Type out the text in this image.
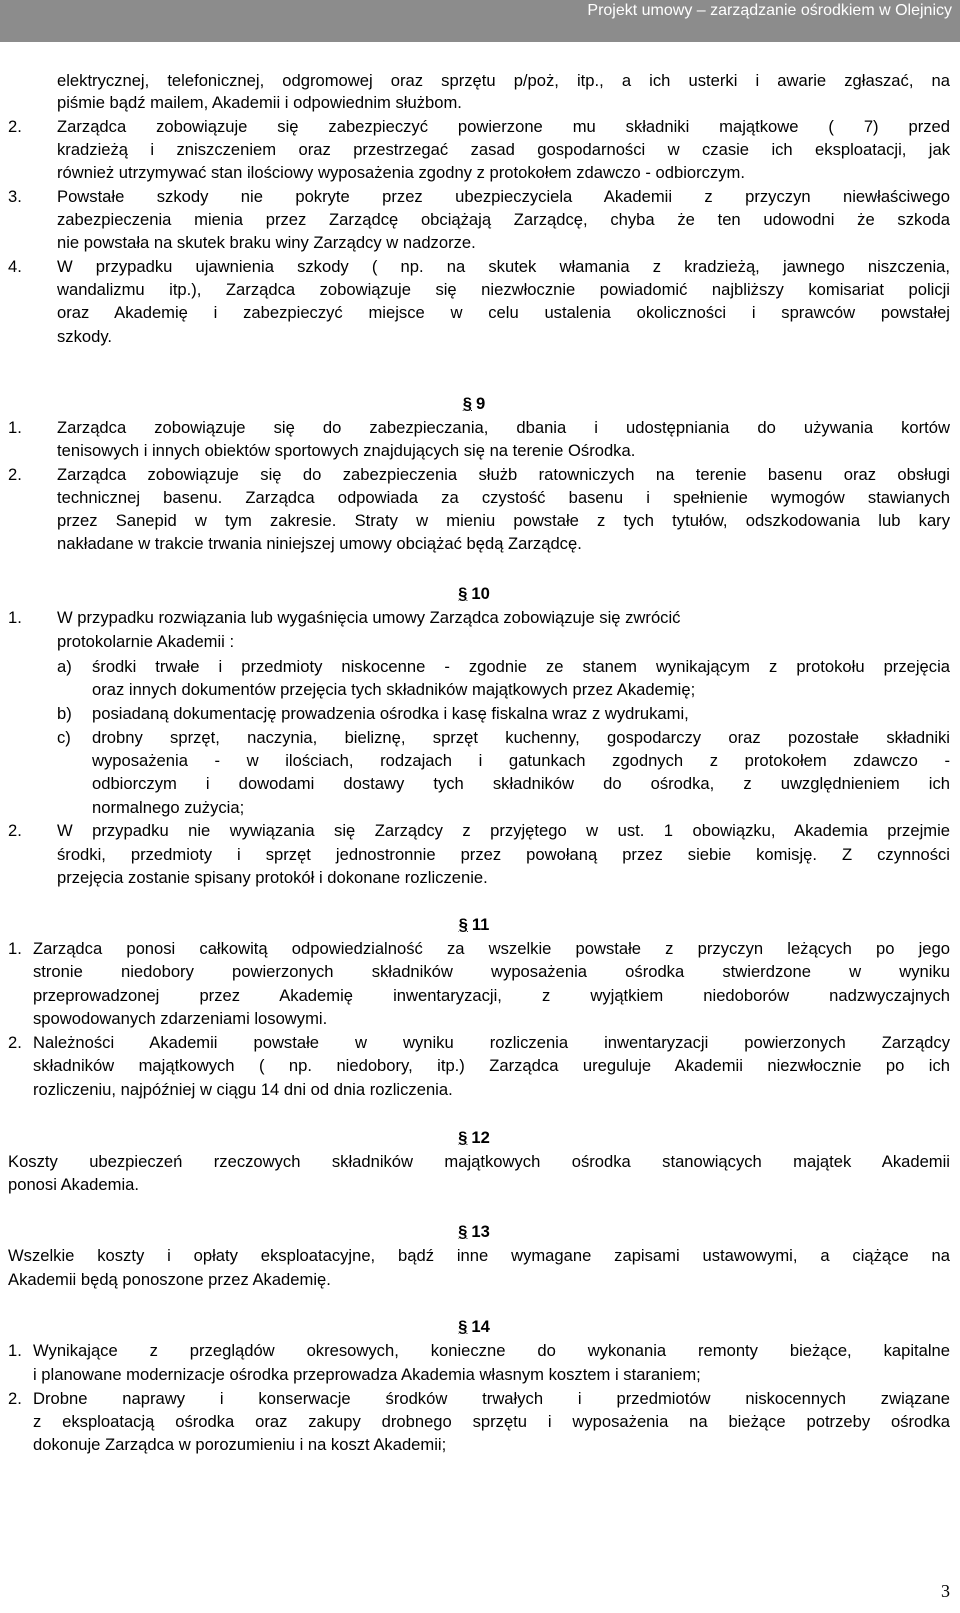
Projekt umowy – zarządzanie ośrodkiem w Olejnicy
elektrycznej, telefonicznej, odgromowej oraz sprzętu p/poż, itp., a ich usterki i awarie zgłaszać, na
piśmie bądź mailem, Akademii i odpowiednim służbom.
2. Zarządca zobowiązuje się zabezpieczyć powierzone mu składniki majątkowe ( 7) przed
kradzieżą i zniszczeniem oraz przestrzegać zasad gospodarności w czasie ich eksploatacji, jak
również utrzymywać stan ilościowy wyposażenia zgodny z protokołem zdawczo - odbiorczym.
3. Powstałe szkody nie pokryte przez ubezpieczyciela Akademii z przyczyn niewłaściwego
zabezpieczenia mienia przez Zarządcę obciążają Zarządcę, chyba że ten udowodni że szkoda
nie powstała na skutek braku winy Zarządcy w nadzorze.
4. W przypadku ujawnienia szkody ( np. na skutek włamania z kradzieżą, jawnego niszczenia,
wandalizmu itp.), Zarządca zobowiązuje się niezwłocznie powiadomić najbliższy komisariat policji
oraz Akademię i zabezpieczyć miejsce w celu ustalenia okoliczności i sprawców powstałej
szkody.
§ 9
1. Zarządca zobowiązuje się do zabezpieczania, dbania i udostępniania do używania kortów
tenisowych i innych obiektów sportowych znajdujących się na terenie Ośrodka.
2. Zarządca zobowiązuje się do zabezpieczenia służb ratowniczych na terenie basenu oraz obsługi
technicznej basenu. Zarządca odpowiada za czystość basenu i spełnienie wymogów stawianych
przez Sanepid w tym zakresie. Straty w mieniu powstałe z tych tytułów, odszkodowania lub kary
nakładane w trakcie trwania niniejszej umowy obciążać będą Zarządcę.
§ 10
1. W przypadku rozwiązania lub wygaśnięcia umowy Zarządca zobowiązuje się zwrócić
protokolarnie Akademii :
a) środki trwałe i przedmioty niskocenne - zgodnie ze stanem wynikającym z protokołu przejęcia
oraz innych dokumentów przejęcia tych składników majątkowych przez Akademię;
b) posiadaną dokumentację prowadzenia ośrodka i kasę fiskalna wraz z wydrukami,
c) drobny sprzęt, naczynia, bieliznę, sprzęt kuchenny, gospodarczy oraz pozostałe składniki
wyposażenia - w ilościach, rodzajach i gatunkach zgodnych z protokołem zdawczo -
odbiorczym i dowodami dostawy tych składników do ośrodka, z uwzględnieniem ich
normalnego zużycia;
2. W przypadku nie wywiązania się Zarządcy z przyjętego w ust. 1 obowiązku, Akademia przejmie
środki, przedmioty i sprzęt jednostronnie przez powołaną przez siebie komisję. Z czynności
przejęcia zostanie spisany protokół i dokonane rozliczenie.
§ 11
1. Zarządca ponosi całkowitą odpowiedzialność za wszelkie powstałe z przyczyn leżących po jego
stronie niedobory powierzonych składników wyposażenia ośrodka stwierdzone w wyniku
przeprowadzonej przez Akademię inwentaryzacji, z wyjątkiem niedoborów nadzwyczajnych
spowodowanych zdarzeniami losowymi.
2. Należności Akademii powstałe w wyniku rozliczenia inwentaryzacji powierzonych Zarządcy
składników majątkowych ( np. niedobory, itp.) Zarządca ureguluje Akademii niezwłocznie po ich
rozliczeniu, najpóźniej w ciągu 14 dni od dnia rozliczenia.
§ 12
Koszty ubezpieczeń rzeczowych składników majątkowych ośrodka stanowiących majątek Akademii
ponosi Akademia.
§ 13
Wszelkie koszty i opłaty eksploatacyjne, bądź inne wymagane zapisami ustawowymi, a ciążące na
Akademii będą ponoszone przez Akademię.
§ 14
1. Wynikające z przeglądów okresowych, konieczne do wykonania remonty bieżące, kapitalne
i planowane modernizacje ośrodka przeprowadza Akademia własnym kosztem i staraniem;
2. Drobne naprawy i konserwacje środków trwałych i przedmiotów niskocennych związane
z eksploatacją ośrodka oraz zakupy drobnego sprzętu i wyposażenia na bieżące potrzeby ośrodka
dokonuje Zarządca w porozumieniu i na koszt Akademii;
3
